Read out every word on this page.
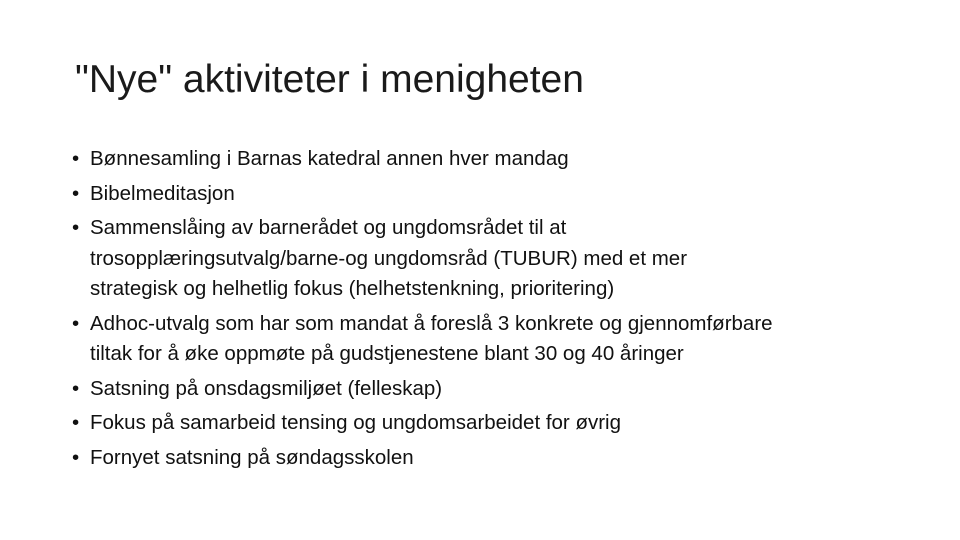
"Nye" aktiviteter i menigheten
• Bønnesamling i Barnas katedral annen hver mandag
• Bibelmeditasjon
• Sammenslåing av barnerådet og ungdomsrådet til at
trosopplæringsutvalg/barne-og ungdomsråd (TUBUR) med et mer
strategisk og helhetlig fokus (helhetstenkning, prioritering)
• Adhoc-utvalg som har som mandat å foreslå 3 konkrete og gjennomførbare
tiltak for å øke oppmøte på gudstjenestene blant 30 og 40 åringer
• Satsning på onsdagsmiljøet (felleskap)
• Fokus på samarbeid tensing og ungdomsarbeidet for øvrig
• Fornyet satsning på søndagsskolen
